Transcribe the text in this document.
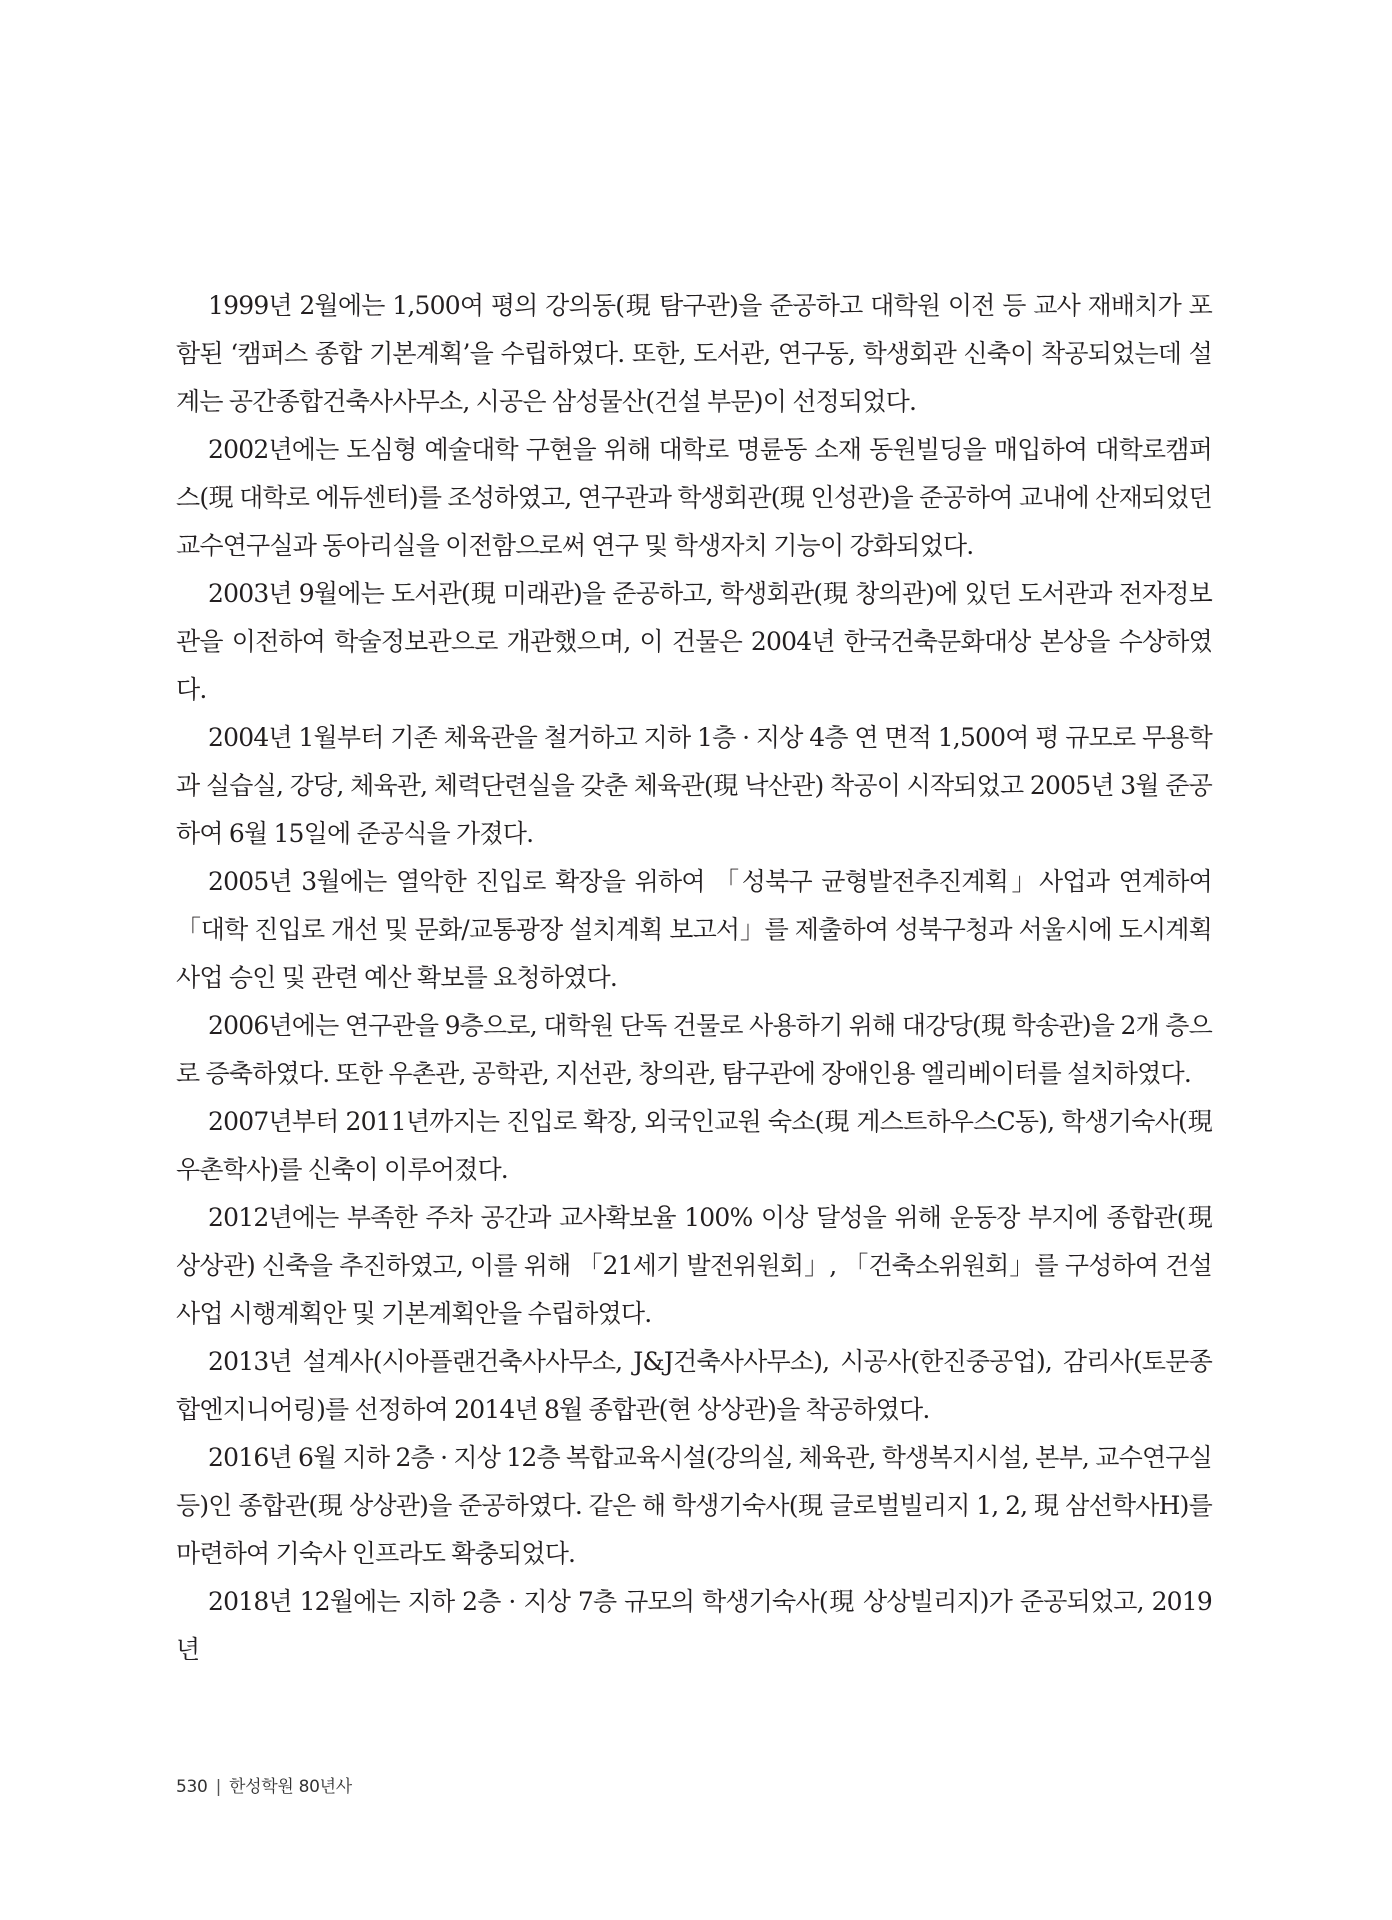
1999년 2월에는 1,500여 평의 강의동(現 탐구관)을 준공하고 대학원 이전 등 교사 재배치가 포함된 ‘캠퍼스 종합 기본계획’을 수립하였다. 또한, 도서관, 연구동, 학생회관 신축이 착공되었는데 설계는 공간종합건축사사무소, 시공은 삼성물산(건설 부문)이 선정되었다.

2002년에는 도심형 예술대학 구현을 위해 대학로 명륜동 소재 동원빌딩을 매입하여 대학로캠퍼스(現 대학로 에듀센터)를 조성하였고, 연구관과 학생회관(現 인성관)을 준공하여 교내에 산재되었던 교수연구실과 동아리실을 이전함으로써 연구 및 학생자치 기능이 강화되었다.

2003년 9월에는 도서관(現 미래관)을 준공하고, 학생회관(現 창의관)에 있던 도서관과 전자정보관을 이전하여 학술정보관으로 개관했으며, 이 건물은 2004년 한국건축문화대상 본상을 수상하였다.

2004년 1월부터 기존 체육관을 철거하고 지하 1층 · 지상 4층 연 면적 1,500여 평 규모로 무용학과 실습실, 강당, 체육관, 체력단련실을 갖춘 체육관(現 낙산관) 착공이 시작되었고 2005년 3월 준공하여 6월 15일에 준공식을 가졌다.

2005년 3월에는 열악한 진입로 확장을 위하여 「성북구 균형발전추진계획」사업과 연계하여 「대학 진입로 개선 및 문화/교통광장 설치계획 보고서」를 제출하여 성북구청과 서울시에 도시계획사업 승인 및 관련 예산 확보를 요청하였다.

2006년에는 연구관을 9층으로, 대학원 단독 건물로 사용하기 위해 대강당(現 학송관)을 2개 층으로 증축하였다. 또한 우촌관, 공학관, 지선관, 창의관, 탐구관에 장애인용 엘리베이터를 설치하였다.

2007년부터 2011년까지는 진입로 확장, 외국인교원 숙소(現 게스트하우스C동), 학생기숙사(現 우촌학사)를 신축이 이루어졌다.

2012년에는 부족한 주차 공간과 교사확보율 100% 이상 달성을 위해 운동장 부지에 종합관(現 상상관) 신축을 추진하였고, 이를 위해 「21세기 발전위원회」, 「건축소위원회」를 구성하여 건설사업 시행계획안 및 기본계획안을 수립하였다.

2013년 설계사(시아플랜건축사사무소, J&J건축사사무소), 시공사(한진중공업), 감리사(토문종합엔지니어링)를 선정하여 2014년 8월 종합관(현 상상관)을 착공하였다.

2016년 6월 지하 2층 · 지상 12층 복합교육시설(강의실, 체육관, 학생복지시설, 본부, 교수연구실 등)인 종합관(現 상상관)을 준공하였다. 같은 해 학생기숙사(現 글로벌빌리지 1, 2, 現 삼선학사H)를 마련하여 기숙사 인프라도 확충되었다.

2018년 12월에는 지하 2층 · 지상 7층 규모의 학생기숙사(現 상상빌리지)가 준공되었고, 2019년

530 | 한성학원 80년사
